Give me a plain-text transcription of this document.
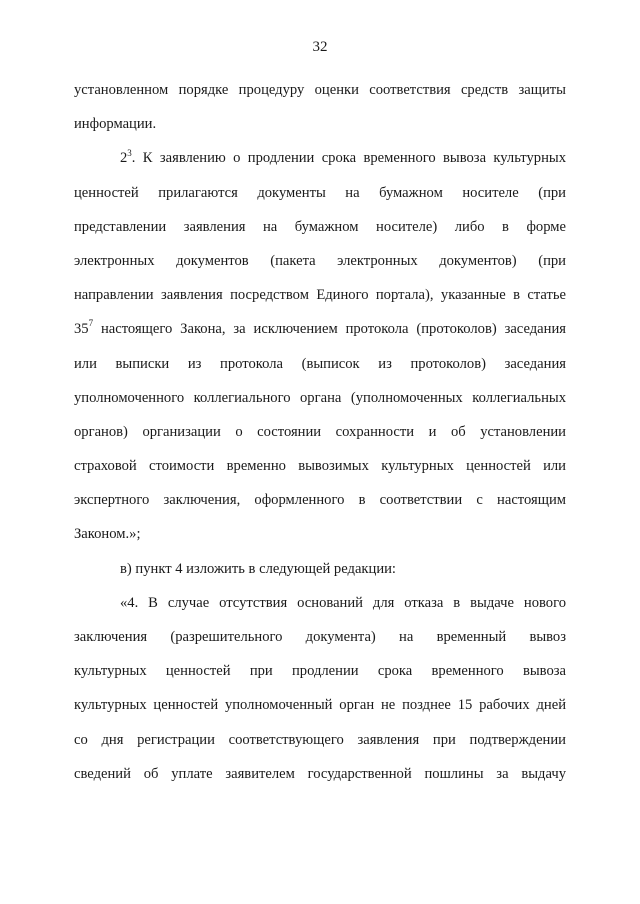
32
установленном порядке процедуру оценки соответствия средств защиты
информации.
$2^3$. К заявлению о продлении срока временного вывоза культурных
ценностей прилагаются документы на бумажном носителе (при
представлении заявления на бумажном носителе) либо в форме
электронных документов (пакета электронных документов) (при
направлении заявления посредством Единого портала), указанные в статье
$35^7$ настоящего Закона, за исключением протокола (протоколов) заседания
или выписки из протокола (выписок из протоколов) заседания
уполномоченного коллегиального органа (уполномоченных коллегиальных
органов) организации о состоянии сохранности и об установлении
страховой стоимости временно вывозимых культурных ценностей или
экспертного заключения, оформленного в соответствии с настоящим
Законом.»;
в) пункт 4 изложить в следующей редакции:
«4. В случае отсутствия оснований для отказа в выдаче нового
заключения (разрешительного документа) на временный вывоз
культурных ценностей при продлении срока временного вывоза
культурных ценностей уполномоченный орган не позднее 15 рабочих дней
со дня регистрации соответствующего заявления при подтверждении
сведений об уплате заявителем государственной пошлины за выдачу
